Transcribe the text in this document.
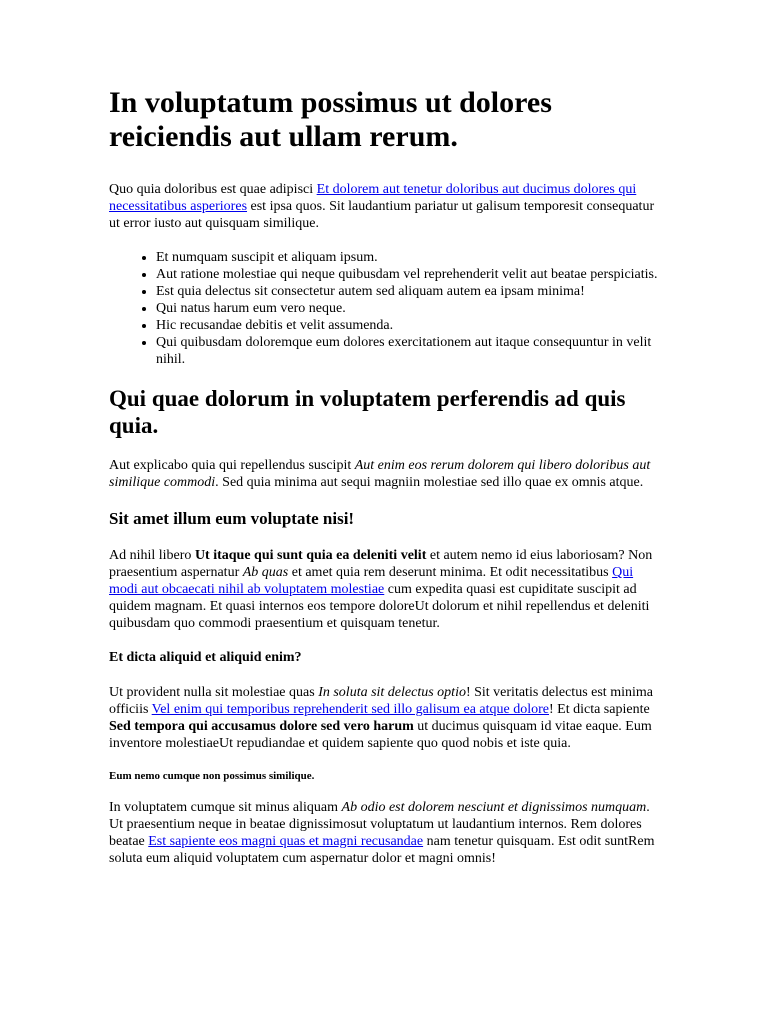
In voluptatum possimus ut dolores reiciendis aut ullam rerum.

Quo quia doloribus est quae adipisci Et dolorem aut tenetur doloribus aut ducimus dolores qui necessitatibus asperiores est ipsa quos. Sit laudantium pariatur ut galisum temporesit consequatur ut error iusto aut quisquam similique.

• Et numquam suscipit et aliquam ipsum.
• Aut ratione molestiae qui neque quibusdam vel reprehenderit velit aut beatae perspiciatis.
• Est quia delectus sit consectetur autem sed aliquam autem ea ipsam minima!
• Qui natus harum eum vero neque.
• Hic recusandae debitis et velit assumenda.
• Qui quibusdam doloremque eum dolores exercitationem aut itaque consequuntur in velit nihil.
Qui quae dolorum in voluptatem perferendis ad quis quia.

Aut explicabo quia qui repellendus suscipit Aut enim eos rerum dolorem qui libero doloribus aut similique commodi. Sed quia minima aut sequi magniin molestiae sed illo quae ex omnis atque.

Sit amet illum eum voluptate nisi!

Ad nihil libero Ut itaque qui sunt quia ea deleniti velit et autem nemo id eius laboriosam? Non praesentium aspernatur Ab quas et amet quia rem deserunt minima. Et odit necessitatibus Qui modi aut obcaecati nihil ab voluptatem molestiae cum expedita quasi est cupiditate suscipit ad quidem magnam. Et quasi internos eos tempore doloreUt dolorum et nihil repellendus et deleniti quibusdam quo commodi praesentium et quisquam tenetur.

Et dicta aliquid et aliquid enim?

Ut provident nulla sit molestiae quas In soluta sit delectus optio! Sit veritatis delectus est minima officiis Vel enim qui temporibus reprehenderit sed illo galisum ea atque dolore! Et dicta sapiente Sed tempora qui accusamus dolore sed vero harum ut ducimus quisquam id vitae eaque. Eum inventore molestiaeUt repudiandae et quidem sapiente quo quod nobis et iste quia.

Eum nemo cumque non possimus similique.

In voluptatem cumque sit minus aliquam Ab odio est dolorem nesciunt et dignissimos numquam. Ut praesentium neque in beatae dignissimosut voluptatum ut laudantium internos. Rem dolores beatae Est sapiente eos magni quas et magni recusandae nam tenetur quisquam. Est odit suntRem soluta eum aliquid voluptatem cum aspernatur dolor et magni omnis!
